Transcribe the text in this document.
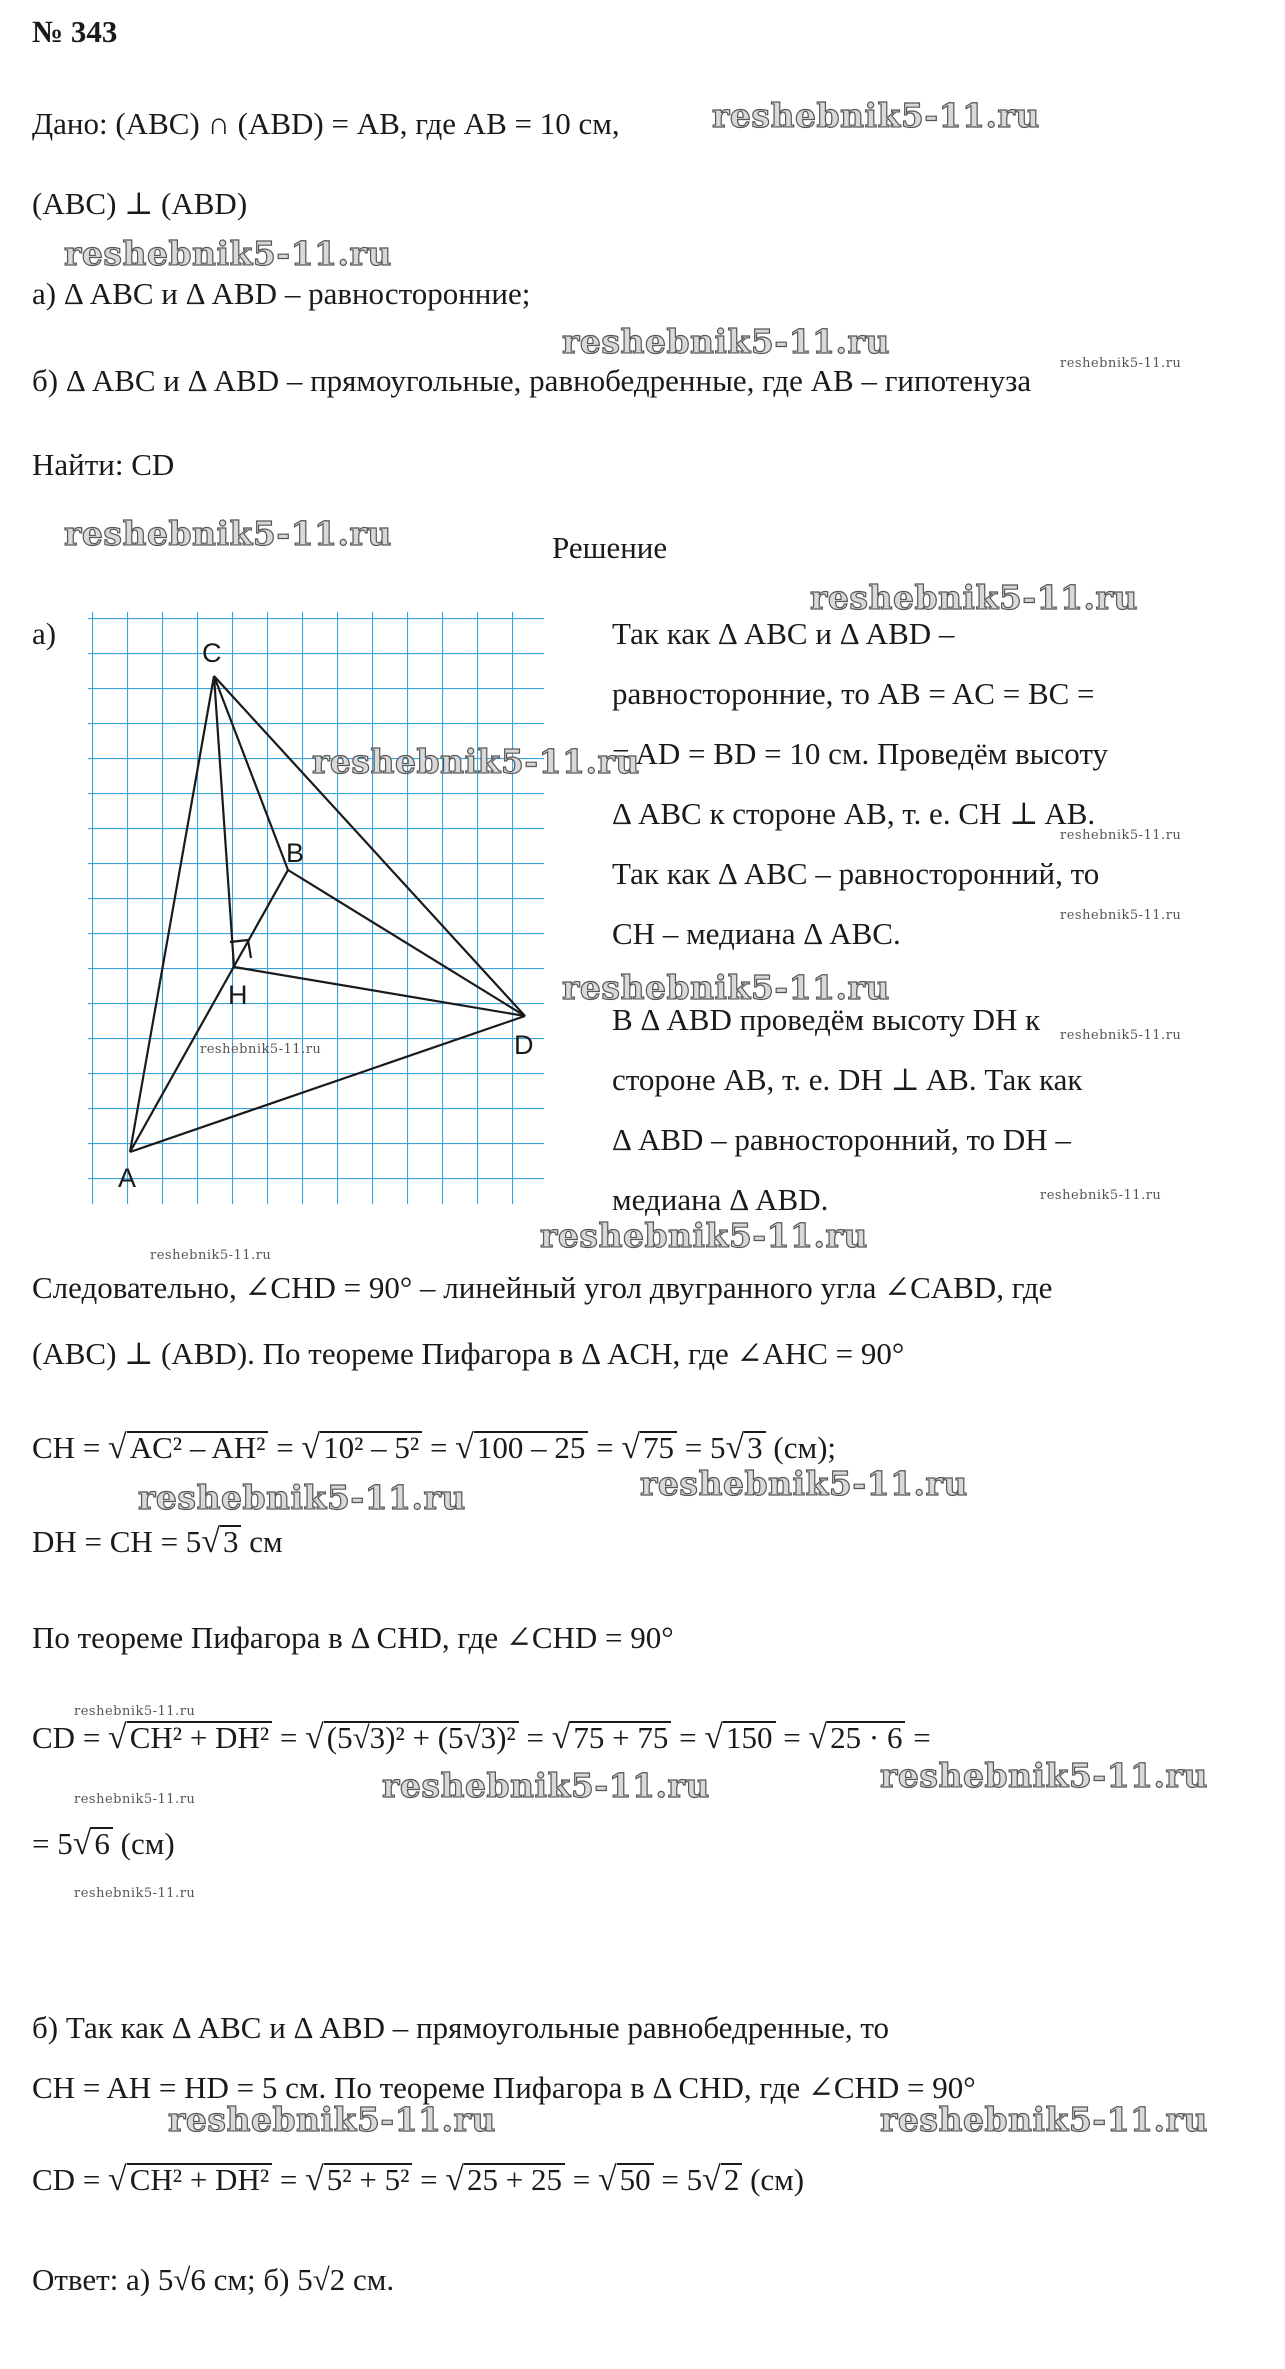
№ 343
Дано: (ABC) ∩ (ABD) = AB, где AB = 10 см,
(ABC) ⊥ (ABD)
а) Δ ABC и Δ ABD – равносторонние;
б) Δ ABC и Δ ABD – прямоугольные, равнобедренные, где AB – гипотенуза
Найти: CD
Решение
а)
C
B
H
D
A
Так как Δ ABC и Δ ABD –
равносторонние, то AB = AC = BC =
= AD = BD = 10 см. Проведём высоту
Δ ABC к стороне AB, т. е. CH ⊥ AB.
Так как Δ ABC – равносторонний, то
CH – медиана Δ ABC.
В Δ ABD проведём высоту DH к
стороне AB, т. е. DH ⊥ AB. Так как
Δ ABD – равносторонний, то DH –
медиана Δ ABD.
Следовательно, ∠CHD = 90° – линейный угол двугранного угла ∠CABD, где
(ABC) ⊥ (ABD). По теореме Пифагора в Δ ACH, где ∠AHC = 90°
CH = √AC² – AH² = √10² – 5² = √100 – 25 = √75 = 5√3 (см);
DH = CH = 5√3 см
По теореме Пифагора в Δ CHD, где ∠CHD = 90°
CD = √CH² + DH² = √(5√3)² + (5√3)² = √75 + 75 = √150 = √25 · 6 =
= 5√6 (см)
б) Так как Δ ABC и Δ ABD – прямоугольные равнобедренные, то
CH = AH = HD = 5 см. По теореме Пифагора в Δ CHD, где ∠CHD = 90°
CD = √CH² + DH² = √5² + 5² = √25 + 25 = √50 = 5√2 (см)
Ответ: а) 5√6 см; б) 5√2 см.
reshebnik5-11.ru
reshebnik5-11.ru
reshebnik5-11.ru
reshebnik5-11.ru
reshebnik5-11.ru
reshebnik5-11.ru
reshebnik5-11.ru
reshebnik5-11.ru
reshebnik5-11.ru
reshebnik5-11.ru
reshebnik5-11.ru
reshebnik5-11.ru
reshebnik5-11.ru
reshebnik5-11.ru
reshebnik5-11.ru
reshebnik5-11.ru
reshebnik5-11.ru
reshebnik5-11.ru
reshebnik5-11.ru	reshebnik5-11.ru
reshebnik5-11.ru
reshebnik5-11.ru
reshebnik5-11.ru	reshebnik5-11.ru
